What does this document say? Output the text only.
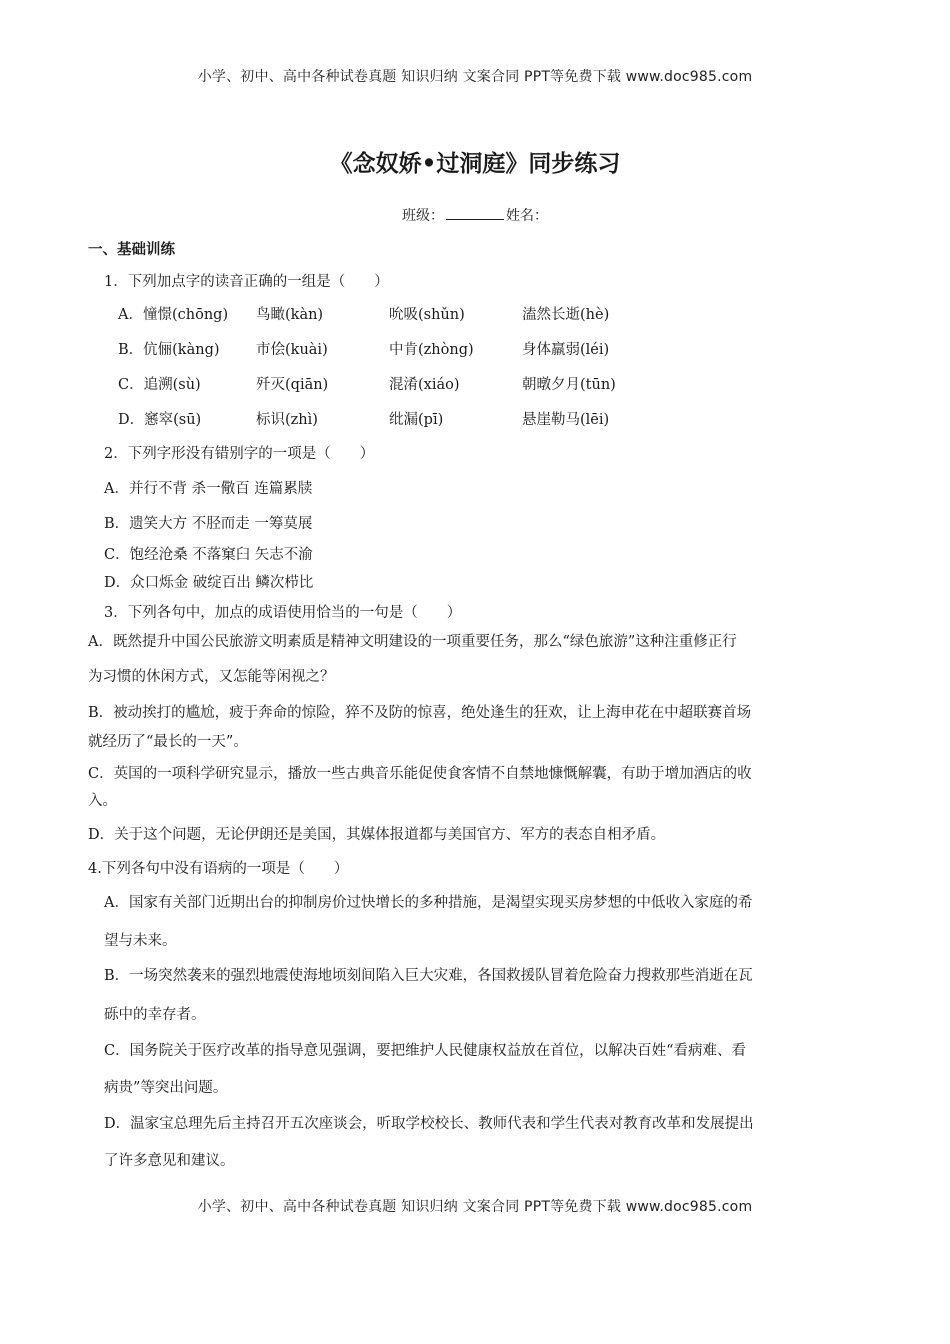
小学、初中、高中各种试卷真题 知识归纳 文案合同 PPT等免费下载 www.doc985.com
《念奴娇•过洞庭》同步练习
班级：	姓名：
一、基础训练
1．下列加点字的读音正确的一组是（　　）
A．憧憬(chōng) 鸟瞰(kàn)	吮吸(shǔn)	溘然长逝(hè)
B．伉俪(kàng)	市侩(kuài)	中肯(zhòng)	身体羸弱(léi)
C．追溯(sù)	歼灭(qiān)	混淆(xiáo)	朝暾夕月(tūn)
D．窸窣(sū)	标识(zhì)	纰漏(pī)	悬崖勒马(lēi)
2．下列字形没有错别字的一项是（　　）
A．并行不背 杀一儆百 连篇累牍
B．遗笑大方 不胫而走 一筹莫展
C．饱经沧桑 不落窠臼 矢志不渝
D．众口烁金 破绽百出 鳞次栉比
3．下列各句中，加点的成语使用恰当的一句是（　　）
A．既然提升中国公民旅游文明素质是精神文明建设的一项重要任务，那么“绿色旅游”这种注重修正行
为习惯的休闲方式，又怎能等闲视之？
B．被动挨打的尴尬，疲于奔命的惊险，猝不及防的惊喜，绝处逢生的狂欢，让上海申花在中超联赛首场
就经历了“最长的一天”。
C．英国的一项科学研究显示，播放一些古典音乐能促使食客情不自禁地慷慨解囊，有助于增加酒店的收
入。
D．关于这个问题，无论伊朗还是美国，其媒体报道都与美国官方、军方的表态自相矛盾。
4.下列各句中没有语病的一项是（　　）
A．国家有关部门近期出台的抑制房价过快增长的多种措施，是渴望实现买房梦想的中低收入家庭的希
望与未来。
B．一场突然袭来的强烈地震使海地顷刻间陷入巨大灾难，各国救援队冒着危险奋力搜救那些消逝在瓦
砾中的幸存者。
C．国务院关于医疗改革的指导意见强调，要把维护人民健康权益放在首位，以解决百姓“看病难、看
病贵”等突出问题。
D．温家宝总理先后主持召开五次座谈会，听取学校校长、教师代表和学生代表对教育改革和发展提出
了许多意见和建议。
小学、初中、高中各种试卷真题 知识归纳 文案合同 PPT等免费下载 www.doc985.com
